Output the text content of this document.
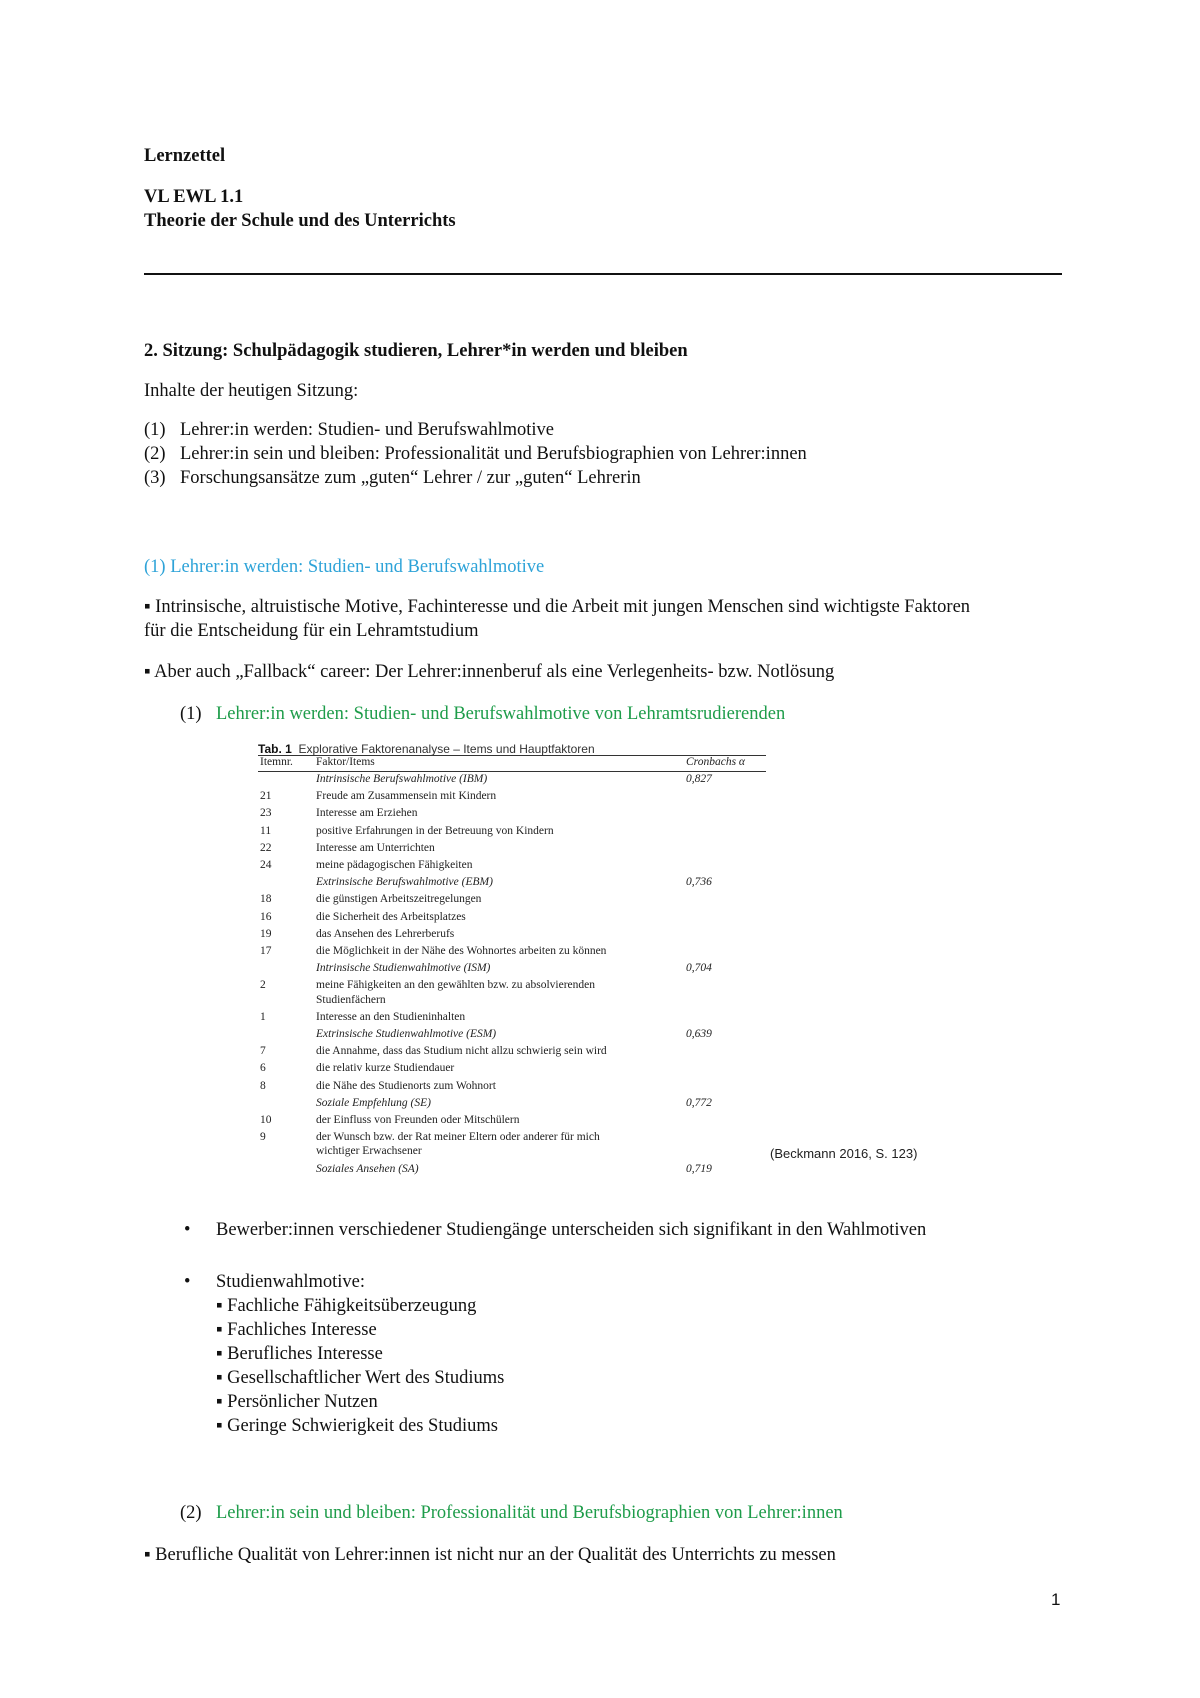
Lernzettel

VL EWL 1.1

Theorie der Schule und des Unterrichts

2. Sitzung: Schulpädagogik studieren, Lehrer*in werden und bleiben

Inhalte der heutigen Sitzung:

(1) Lehrer:in werden: Studien- und Berufswahlmotive
(2) Lehrer:in sein und bleiben: Professionalität und Berufsbiographien von Lehrer:innen
(3) Forschungsansätze zum „guten“ Lehrer / zur „guten“ Lehrerin

(1) Lehrer:in werden: Studien- und Berufswahlmotive

▪ Intrinsische, altruistische Motive, Fachinteresse und die Arbeit mit jungen Menschen sind wichtigste Faktoren

für die Entscheidung für ein Lehramtstudium

▪ Aber auch „Fallback“ career: Der Lehrer:innenberuf als eine Verlegenheits- bzw. Notlösung

(1) Lehrer:in werden: Studien- und Berufswahlmotive von Lehramtsrudierenden

Tab. 1 Explorative Faktorenanalyse – Items und Hauptfaktoren
Itemnr. Faktor/Items	Cronbachs α
Intrinsische Berufswahlmotive (IBM)	0,827
21	Freude am Zusammensein mit Kindern
23	Interesse am Erziehen
11	positive Erfahrungen in der Betreuung von Kindern
22	Interesse am Unterrichten
24	meine pädagogischen Fähigkeiten
Extrinsische Berufswahlmotive (EBM)	0,736
18	die günstigen Arbeitszeitregelungen
16	die Sicherheit des Arbeitsplatzes
19	das Ansehen des Lehrerberufs
17	die Möglichkeit in der Nähe des Wohnortes arbeiten zu können
Intrinsische Studienwahlmotive (ISM)	0,704
2	meine Fähigkeiten an den gewählten bzw. zu absolvierenden
Studienfächern
1	Interesse an den Studieninhalten
Extrinsische Studienwahlmotive (ESM)	0,639
7	die Annahme, dass das Studium nicht allzu schwierig sein wird
6	die relativ kurze Studiendauer
8	die Nähe des Studienorts zum Wohnort
Soziale Empfehlung (SE)	0,772
10	der Einfluss von Freunden oder Mitschülern
9	der Wunsch bzw. der Rat meiner Eltern oder anderer für mich
wichtiger Erwachsener
Soziales Ansehen (SA)	0,719
(Beckmann 2016, S. 123)
• Bewerber:innen verschiedener Studiengänge unterscheiden sich signifikant in den Wahlmotiven
• Studienwahlmotive:
▪ Fachliche Fähigkeitsüberzeugung
▪ Fachliches Interesse
▪ Berufliches Interesse
▪ Gesellschaftlicher Wert des Studiums
▪ Persönlicher Nutzen
▪ Geringe Schwierigkeit des Studiums

(2) Lehrer:in sein und bleiben: Professionalität und Berufsbiographien von Lehrer:innen

▪ Berufliche Qualität von Lehrer:innen ist nicht nur an der Qualität des Unterrichts zu messen

1
